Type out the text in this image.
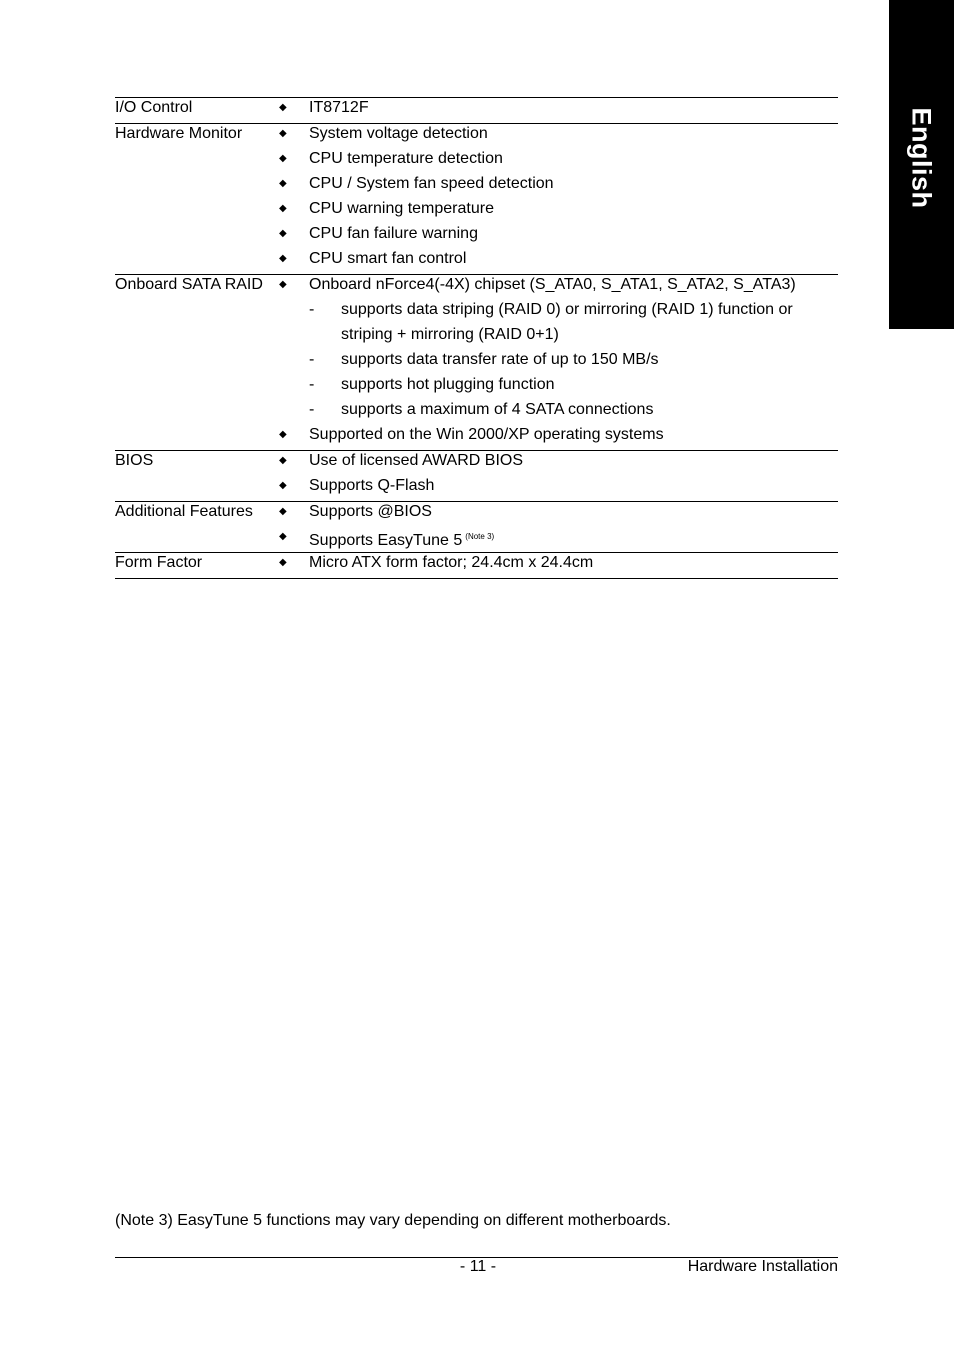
English
I/O Control	◆ IT8712F
Hardware Monitor	◆ System voltage detection
◆ CPU temperature detection
◆ CPU / System fan speed detection
◆ CPU warning temperature
◆ CPU fan failure warning
◆ CPU smart fan control
Onboard SATA RAID ◆ Onboard nForce4(-4X) chipset (S_ATA0, S_ATA1, S_ATA2, S_ATA3)
- supports data striping (RAID 0) or mirroring (RAID 1) function or
striping + mirroring (RAID 0+1)
- supports data transfer rate of up to 150 MB/s
- supports hot plugging function
- supports a maximum of 4 SATA connections
◆ Supported on the Win 2000/XP operating systems
BIOS	◆ Use of licensed AWARD BIOS
◆ Supports Q-Flash
Additional Features	◆ Supports @BIOS
◆ Supports EasyTune 5 $^{(Note 3)}$
Form Factor	◆ Micro ATX form factor; 24.4cm x 24.4cm
(Note 3) EasyTune 5 functions may vary depending on different motherboards.
- 11 -	Hardware Installation
